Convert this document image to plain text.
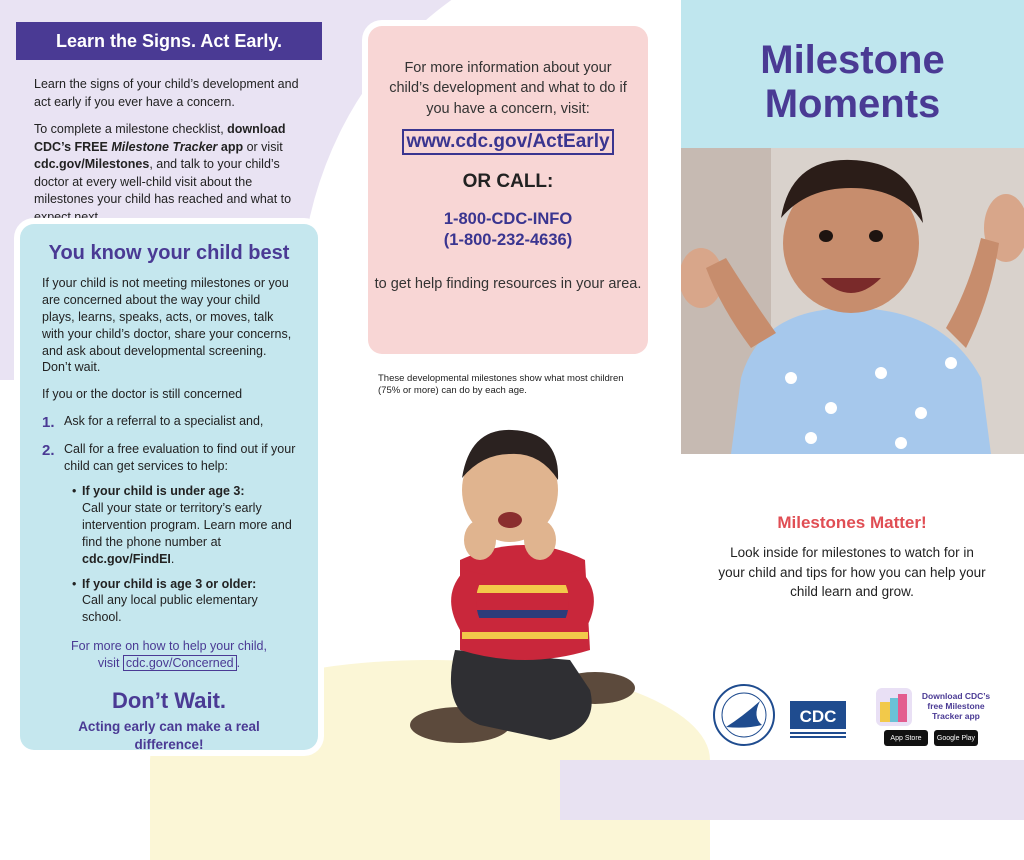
Learn the Signs. Act Early.

Learn the signs of your child’s development and act early if you ever have a concern.

To complete a milestone checklist, download CDC’s FREE Milestone Tracker app or visit cdc.gov/Milestones, and talk to your child’s doctor at every well-child visit about the milestones your child has reached and what to expect next.

You know your child best

If your child is not meeting milestones or you are concerned about the way your child plays, learns, speaks, acts, or moves, talk with your child’s doctor, share your concerns, and ask about developmental screening. Don’t wait.

If you or the doctor is still concerned

1. Ask for a referral to a specialist and,
2. Call for a free evaluation to find out if your child can get services to help:
• If your child is under age 3:
Call your state or territory’s early intervention program. Learn more and find the phone number at
cdc.gov/FindEI.
• If your child is age 3 or older:
Call any local public elementary school.
For more on how to help your child,
visit cdc.gov/Concerned .
Don’t Wait.
Acting early can make a real difference!
For more information about your child’s development and what to do if you have a concern, visit:
www.cdc.gov/ActEarly
OR CALL:
1-800-CDC-INFO
(1-800-232-4636)
to get help finding resources in your area.
These developmental milestones show what most children (75% or more) can do by each age.
Milestone
Moments
Milestones Matter!
Look inside for milestones to watch for in your child and tips for how you can help your child learn and grow.
CDC
Download CDC’s
free Milestone
Tracker app
App Store	Google Play
